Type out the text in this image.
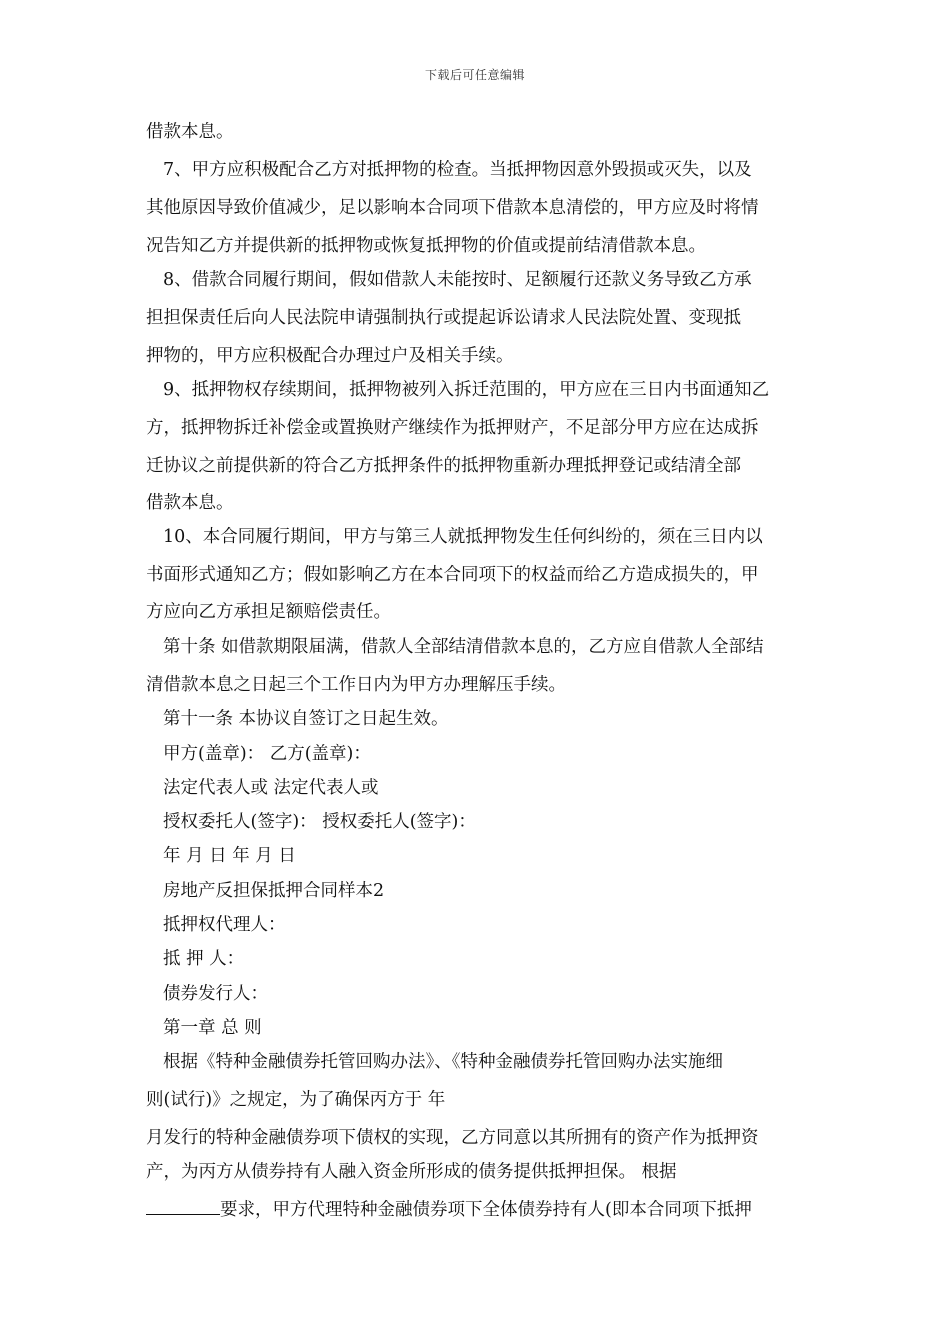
下载后可任意编辑
借款本息。
7、甲方应积极配合乙方对抵押物的检查。当抵押物因意外毁损或灭失，以及
其他原因导致价值减少，足以影响本合同项下借款本息清偿的，甲方应及时将情
况告知乙方并提供新的抵押物或恢复抵押物的价值或提前结清借款本息。
8、借款合同履行期间，假如借款人未能按时、足额履行还款义务导致乙方承
担担保责任后向人民法院申请强制执行或提起诉讼请求人民法院处置、变现抵
押物的，甲方应积极配合办理过户及相关手续。
9、抵押物权存续期间，抵押物被列入拆迁范围的，甲方应在三日内书面通知乙
方，抵押物拆迁补偿金或置换财产继续作为抵押财产，不足部分甲方应在达成拆
迁协议之前提供新的符合乙方抵押条件的抵押物重新办理抵押登记或结清全部
借款本息。
10、本合同履行期间，甲方与第三人就抵押物发生任何纠纷的，须在三日内以
书面形式通知乙方；假如影响乙方在本合同项下的权益而给乙方造成损失的，甲
方应向乙方承担足额赔偿责任。
第十条 如借款期限届满，借款人全部结清借款本息的，乙方应自借款人全部结
清借款本息之日起三个工作日内为甲方办理解压手续。
第十一条 本协议自签订之日起生效。
甲方(盖章)： 乙方(盖章)：
法定代表人或 法定代表人或
授权委托人(签字)： 授权委托人(签字)：
年 月 日 年 月 日
房地产反担保抵押合同样本2
抵押权代理人：
抵 押 人：
债券发行人：
第一章 总 则
根据《特种金融债券托管回购办法》、《特种金融债券托管回购办法实施细
则(试行)》之规定，为了确保丙方于 年
月发行的特种金融债券项下债权的实现，乙方同意以其所拥有的资产作为抵押资
产，为丙方从债券持有人融入资金所形成的债务提供抵押担保。 根据
要求，甲方代理特种金融债券项下全体债券持有人(即本合同项下抵押
